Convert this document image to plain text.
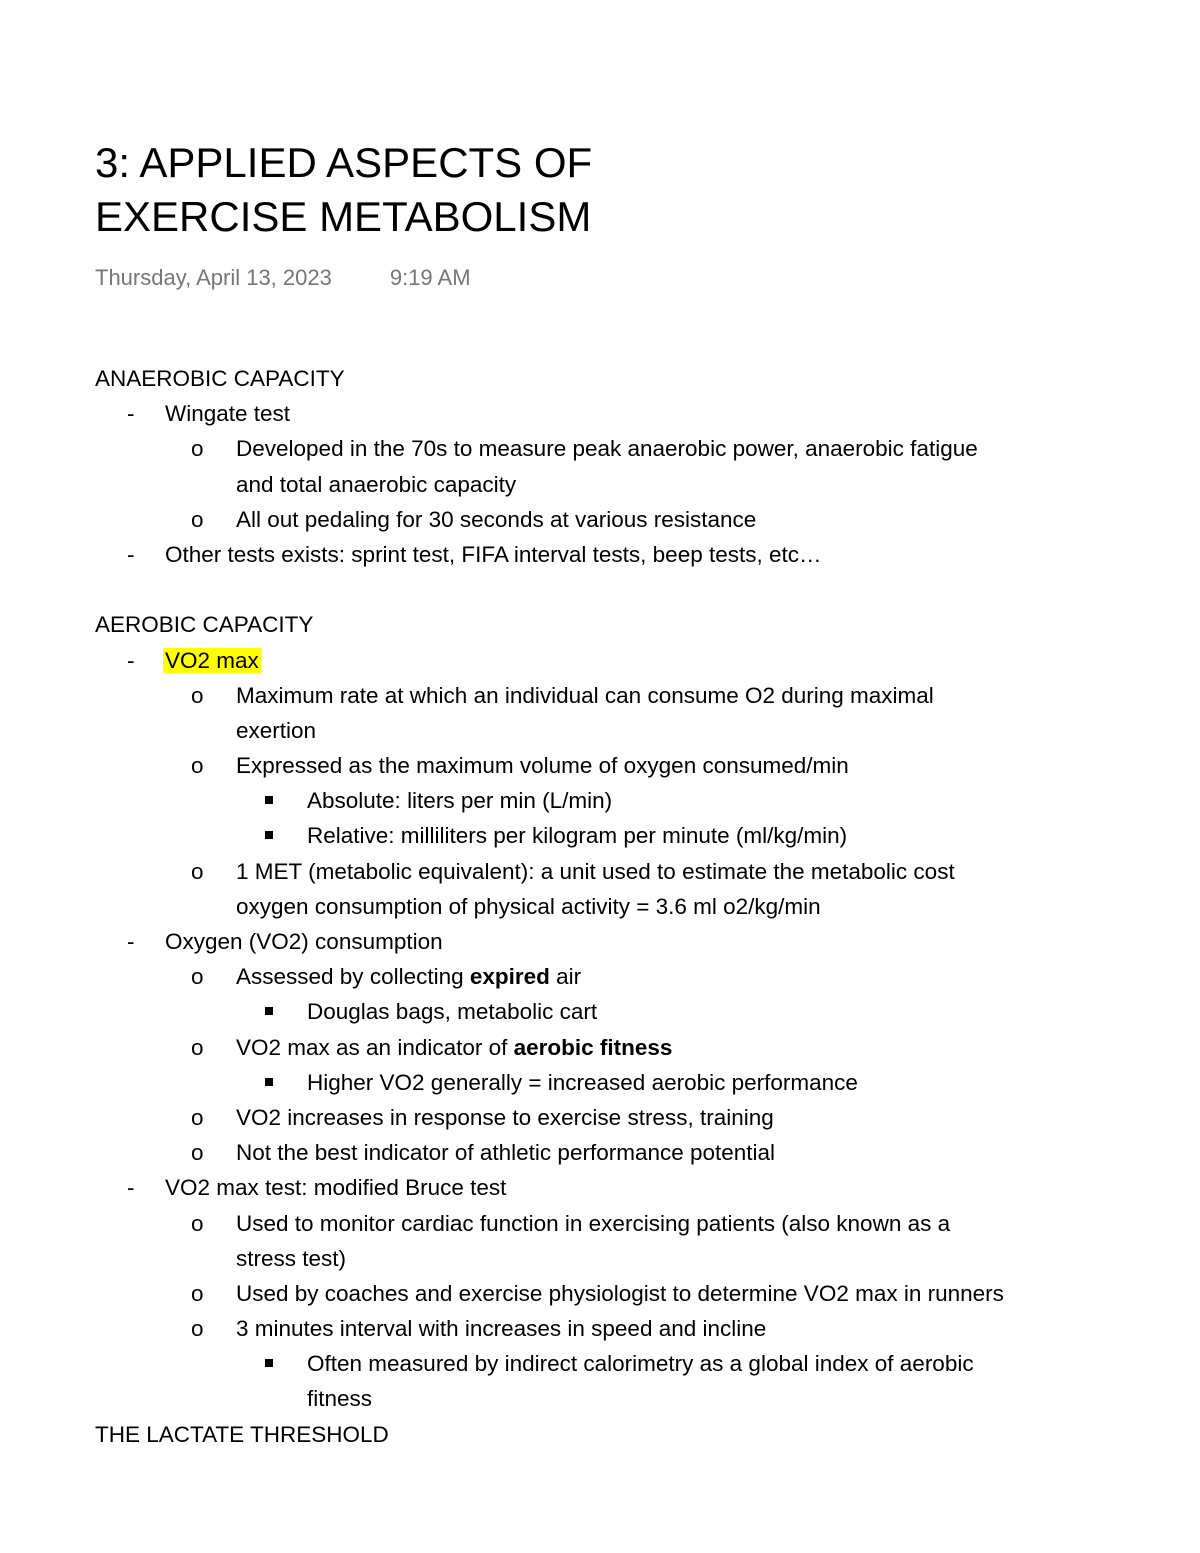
3: APPLIED ASPECTS OF
EXERCISE METABOLISM
Thursday, April 13, 2023	9:19 AM
ANAEROBIC CAPACITY
- Wingate test
o Developed in the 70s to measure peak anaerobic power, anaerobic fatigue
and total anaerobic capacity
o All out pedaling for 30 seconds at various resistance
- Other tests exists: sprint test, FIFA interval tests, beep tests, etc…
AEROBIC CAPACITY
- VO2 max
o Maximum rate at which an individual can consume O2 during maximal
exertion
o Expressed as the maximum volume of oxygen consumed/min
Absolute: liters per min (L/min)
Relative: milliliters per kilogram per minute (ml/kg/min)
o 1 MET (metabolic equivalent): a unit used to estimate the metabolic cost
oxygen consumption of physical activity = 3.6 ml o2/kg/min
- Oxygen (VO2) consumption
o Assessed by collecting expired air
Douglas bags, metabolic cart
o VO2 max as an indicator of aerobic fitness
Higher VO2 generally = increased aerobic performance
o VO2 increases in response to exercise stress, training
o Not the best indicator of athletic performance potential
- VO2 max test: modified Bruce test
o Used to monitor cardiac function in exercising patients (also known as a
stress test)
o Used by coaches and exercise physiologist to determine VO2 max in runners
o 3 minutes interval with increases in speed and incline
Often measured by indirect calorimetry as a global index of aerobic
fitness
THE LACTATE THRESHOLD
